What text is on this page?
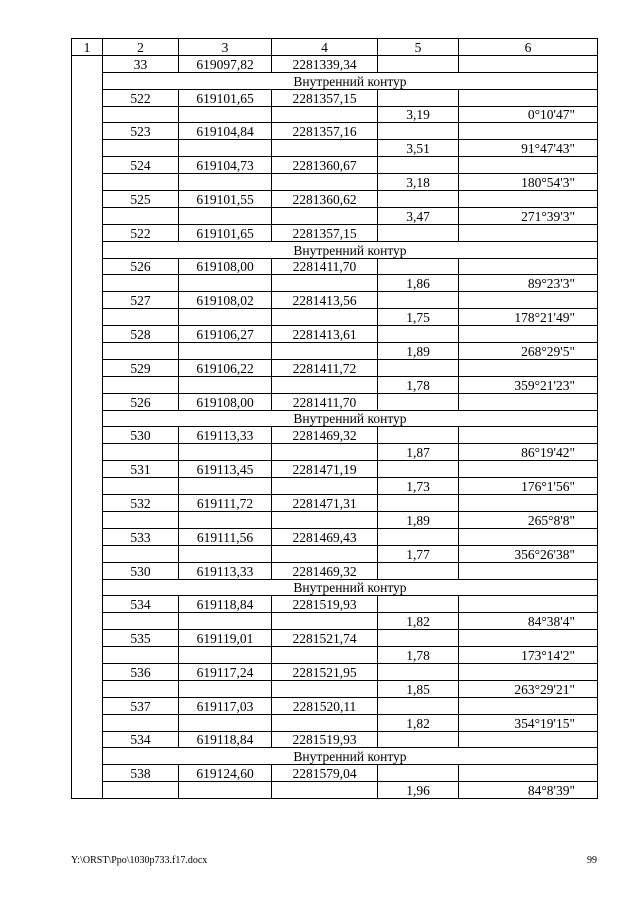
1	2	3	4	5	6
	33	619097,82	2281339,34		
	Внутренний контур				
	522	619101,65	2281357,15		
				3,19	0°10'47"
	523	619104,84	2281357,16		
				3,51	91°47'43"
	524	619104,73	2281360,67		
				3,18	180°54'3"
	525	619101,55	2281360,62		
				3,47	271°39'3"
	522	619101,65	2281357,15		
	Внутренний контур				
	526	619108,00	2281411,70		
				1,86	89°23'3"
	527	619108,02	2281413,56		
				1,75	178°21'49"
	528	619106,27	2281413,61		
				1,89	268°29'5"
	529	619106,22	2281411,72		
				1,78	359°21'23"
	526	619108,00	2281411,70		
	Внутренний контур				
	530	619113,33	2281469,32		
				1,87	86°19'42"
	531	619113,45	2281471,19		
				1,73	176°1'56"
	532	619111,72	2281471,31		
				1,89	265°8'8"
	533	619111,56	2281469,43		
				1,77	356°26'38"
	530	619113,33	2281469,32		
	Внутренний контур				
	534	619118,84	2281519,93		
				1,82	84°38'4"
	535	619119,01	2281521,74		
				1,78	173°14'2"
	536	619117,24	2281521,95		
				1,85	263°29'21"
	537	619117,03	2281520,11		
				1,82	354°19'15"
	534	619118,84	2281519,93		
	Внутренний контур				
	538	619124,60	2281579,04		
				1,96	84°8'39"
Y:\ORST\Ppo\1030p733.f17.docx	99
